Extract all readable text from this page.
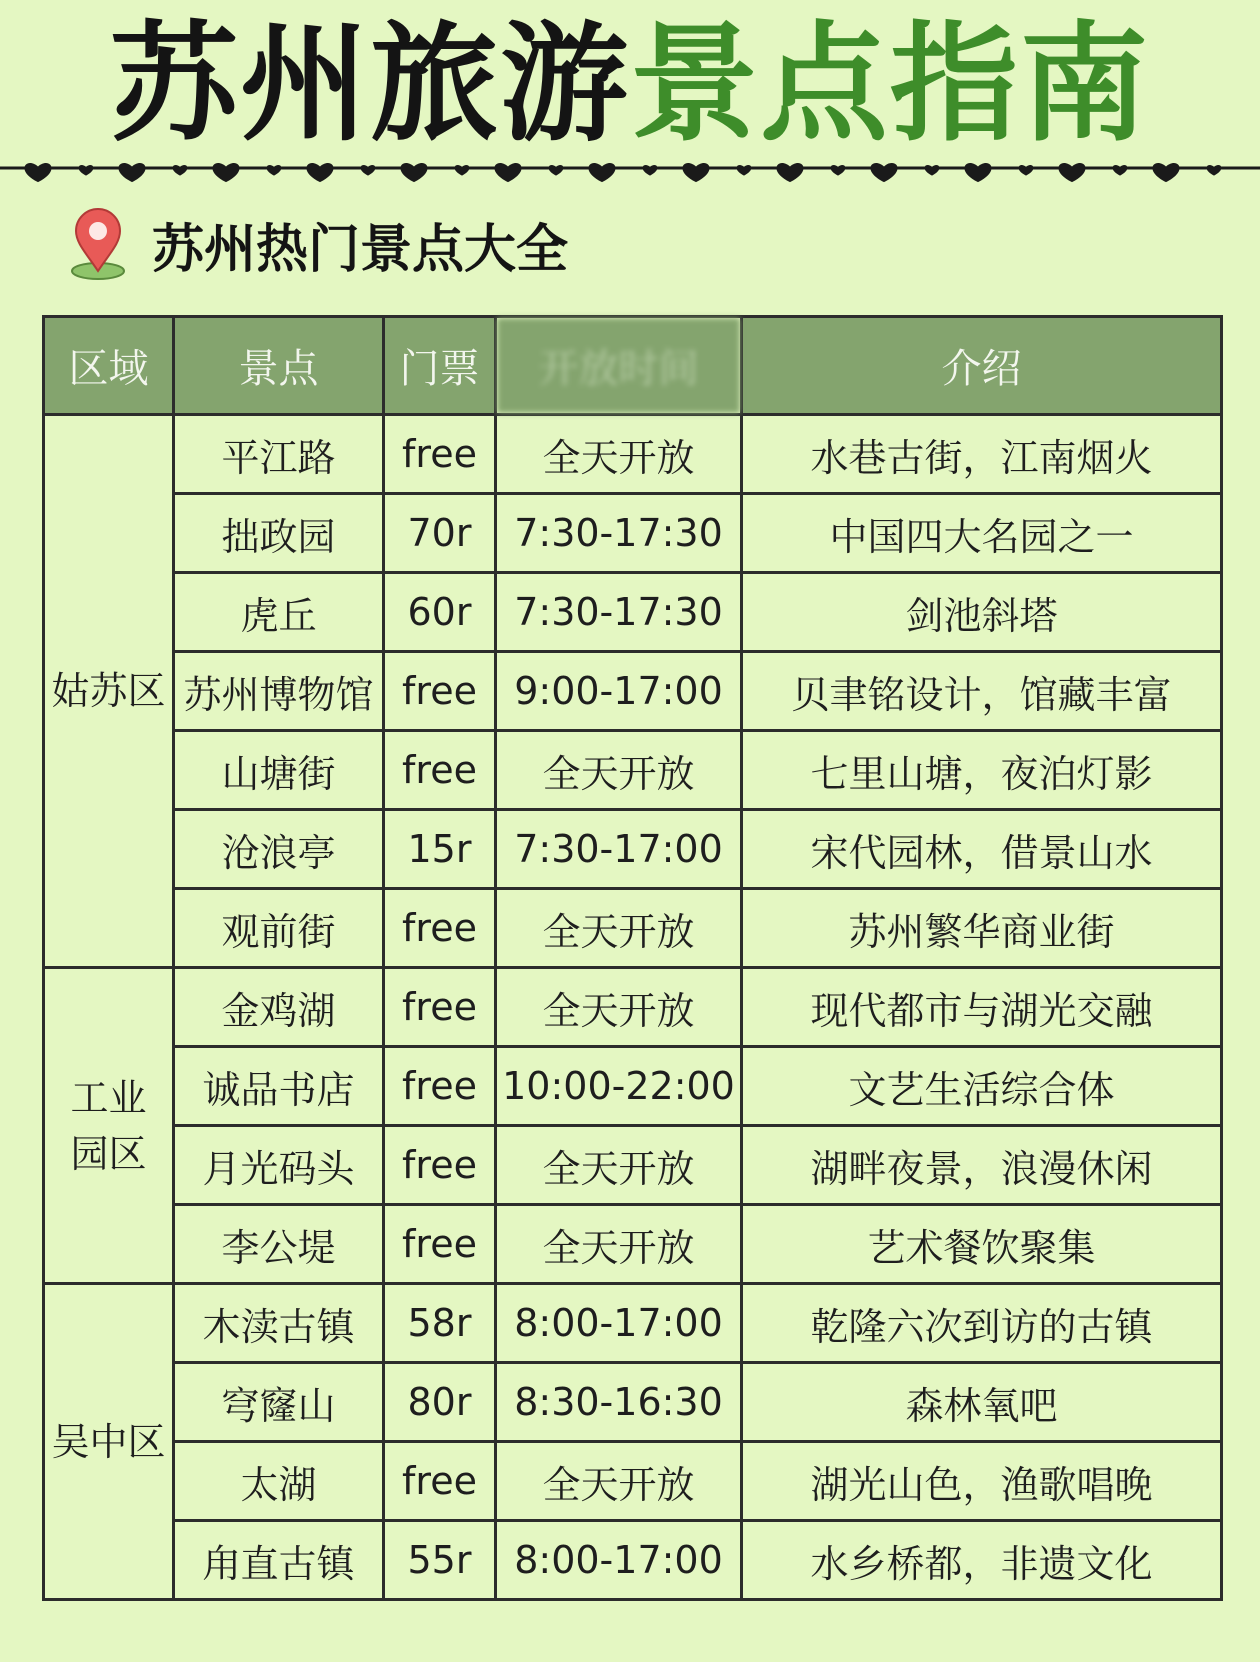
苏州旅游景点指南
苏州热门景点大全
区域	景点	门票	开放时间	介绍
姑苏区	平江路	free	全天开放	水巷古街，江南烟火
	拙政园	70r	7:30-17:30	中国四大名园之一
	虎丘	60r	7:30-17:30	剑池斜塔
	苏州博物馆	free	9:00-17:00	贝聿铭设计，馆藏丰富
	山塘街	free	全天开放	七里山塘，夜泊灯影
	沧浪亭	15r	7:30-17:00	宋代园林，借景山水
	观前街	free	全天开放	苏州繁华商业街
工业园区	金鸡湖	free	全天开放	现代都市与湖光交融
	诚品书店	free	10:00-22:00	文艺生活综合体
	月光码头	free	全天开放	湖畔夜景，浪漫休闲
	李公堤	free	全天开放	艺术餐饮聚集
吴中区	木渎古镇	58r	8:00-17:00	乾隆六次到访的古镇
	穹窿山	80r	8:30-16:30	森林氧吧
	太湖	free	全天开放	湖光山色，渔歌唱晚
	甪直古镇	55r	8:00-17:00	水乡桥都，非遗文化
